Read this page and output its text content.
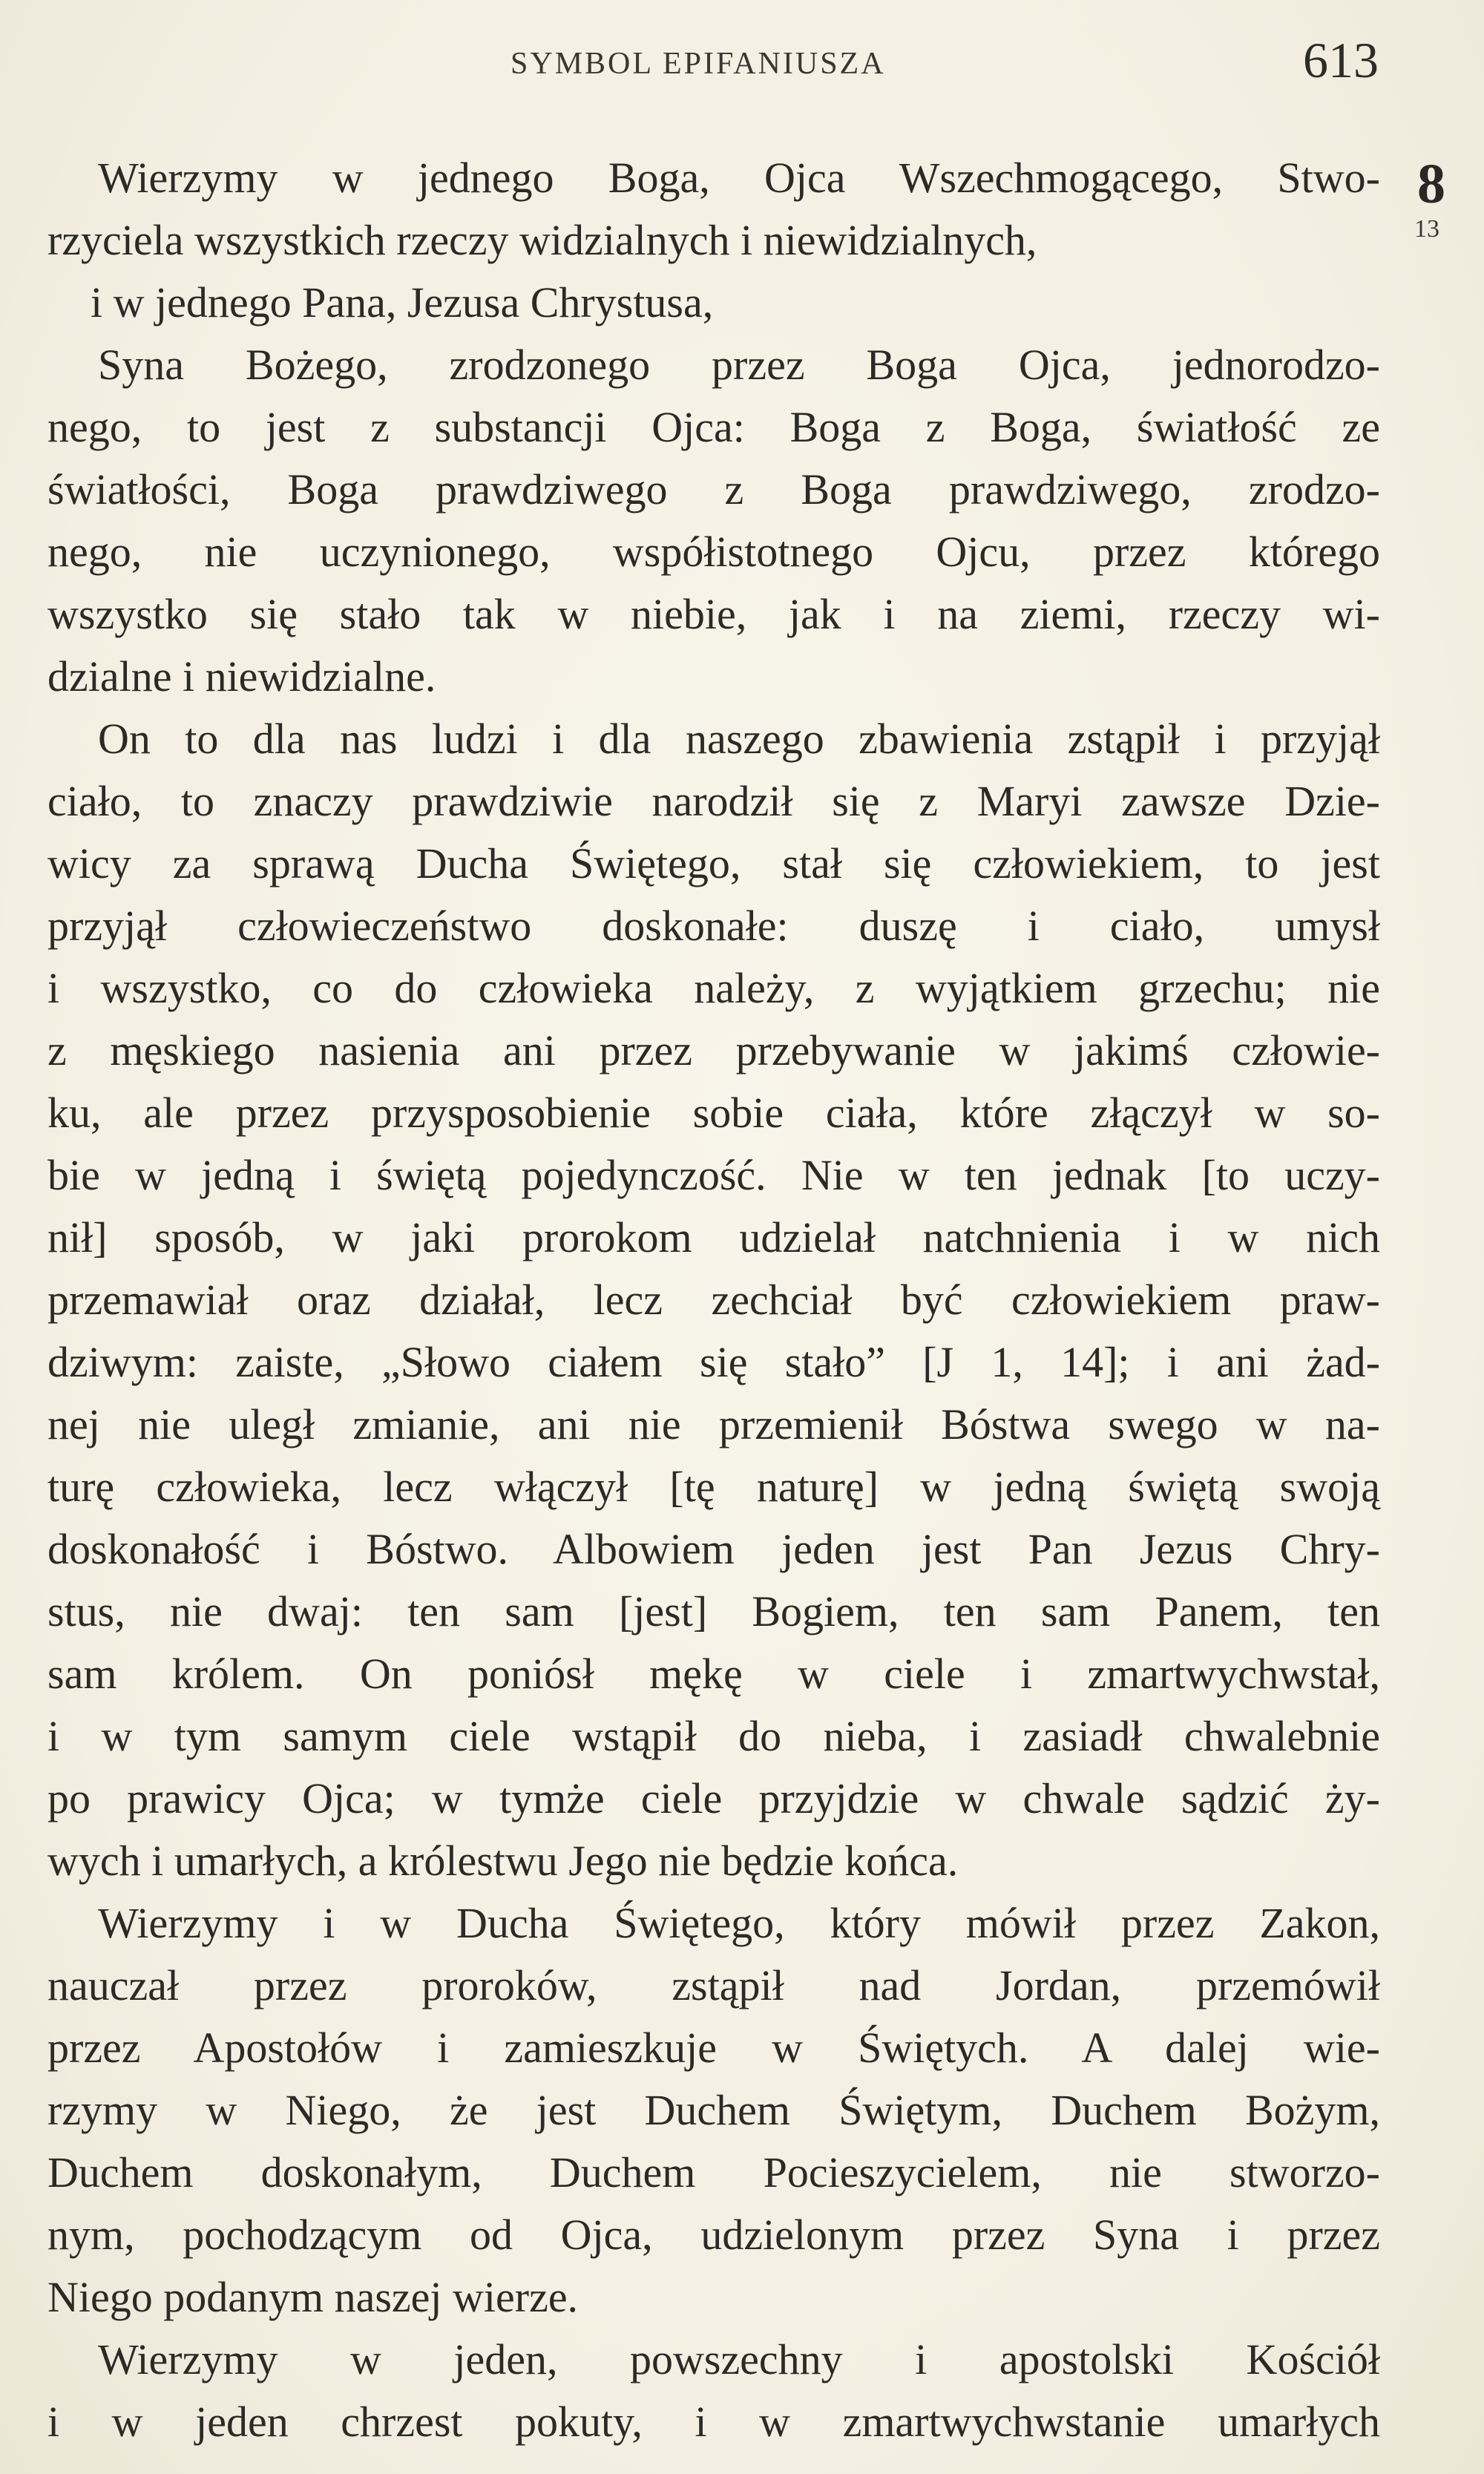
SYMBOL EPIFANIUSZA	613
8
13
Wierzymy w jednego Boga, Ojca Wszechmogącego, Stwo-
rzyciela wszystkich rzeczy widzialnych i niewidzialnych,
i w jednego Pana, Jezusa Chrystusa,
Syna Bożego, zrodzonego przez Boga Ojca, jednorodzo-
nego, to jest z substancji Ojca: Boga z Boga, światłość ze
światłości, Boga prawdziwego z Boga prawdziwego, zrodzo-
nego, nie uczynionego, współistotnego Ojcu, przez którego
wszystko się stało tak w niebie, jak i na ziemi, rzeczy wi-
dzialne i niewidzialne.
On to dla nas ludzi i dla naszego zbawienia zstąpił i przyjął
ciało, to znaczy prawdziwie narodził się z Maryi zawsze Dzie-
wicy za sprawą Ducha Świętego, stał się człowiekiem, to jest
przyjął człowieczeństwo doskonałe: duszę i ciało, umysł
i wszystko, co do człowieka należy, z wyjątkiem grzechu; nie
z męskiego nasienia ani przez przebywanie w jakimś człowie-
ku, ale przez przysposobienie sobie ciała, które złączył w so-
bie w jedną i świętą pojedynczość. Nie w ten jednak [to uczy-
nił] sposób, w jaki prorokom udzielał natchnienia i w nich
przemawiał oraz działał, lecz zechciał być człowiekiem praw-
dziwym: zaiste, „Słowo ciałem się stało” [J 1, 14]; i ani żad-
nej nie uległ zmianie, ani nie przemienił Bóstwa swego w na-
turę człowieka, lecz włączył [tę naturę] w jedną świętą swoją
doskonałość i Bóstwo. Albowiem jeden jest Pan Jezus Chry-
stus, nie dwaj: ten sam [jest] Bogiem, ten sam Panem, ten
sam królem. On poniósł mękę w ciele i zmartwychwstał,
i w tym samym ciele wstąpił do nieba, i zasiadł chwalebnie
po prawicy Ojca; w tymże ciele przyjdzie w chwale sądzić ży-
wych i umarłych, a królestwu Jego nie będzie końca.
Wierzymy i w Ducha Świętego, który mówił przez Zakon,
nauczał przez proroków, zstąpił nad Jordan, przemówił
przez Apostołów i zamieszkuje w Świętych. A dalej wie-
rzymy w Niego, że jest Duchem Świętym, Duchem Bożym,
Duchem doskonałym, Duchem Pocieszycielem, nie stworzo-
nym, pochodzącym od Ojca, udzielonym przez Syna i przez
Niego podanym naszej wierze.
Wierzymy w jeden, powszechny i apostolski Kościół
i w jeden chrzest pokuty, i w zmartwychwstanie umarłych
